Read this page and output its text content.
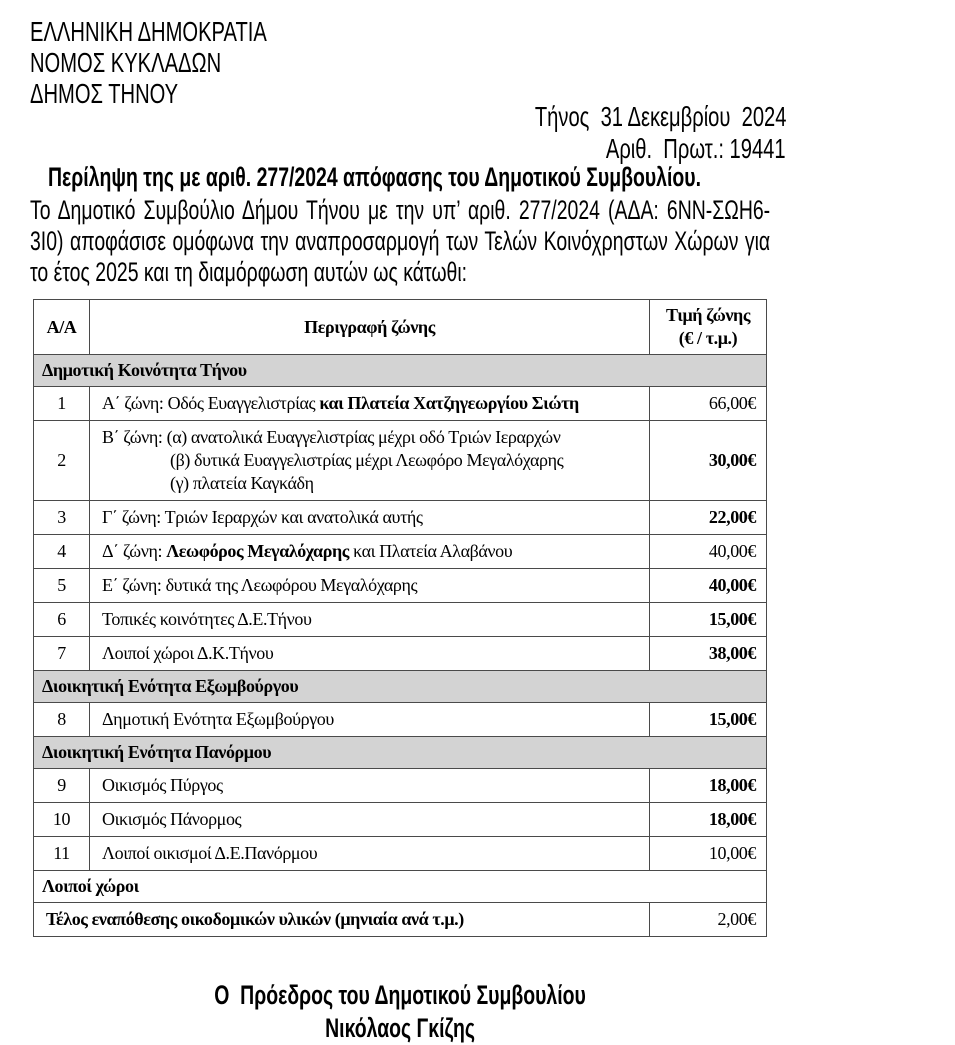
ΕΛΛΗΝΙΚΗ ΔΗΜΟΚΡΑΤΙΑ
ΝΟΜΟΣ ΚΥΚΛΑΔΩΝ
ΔΗΜΟΣ ΤΗΝΟΥ
Τήνος  31 Δεκεμβρίου  2024
Αριθ.  Πρωτ.: 19441
Περίληψη της με αριθ. 277/2024 απόφασης του Δημοτικού Συμβουλίου.
Το Δημοτικό Συμβούλιο Δήμου Τήνου με την υπ’ αριθ. 277/2024 (ΑΔΑ: 6NN-ΣΩΗ6-3Ι0) αποφάσισε ομόφωνα την αναπροσαρμογή των Τελών Κοινόχρηστων Χώρων για το έτος 2025 και τη διαμόρφωση αυτών ως κάτωθι:
Α/Α	Περιγραφή ζώνης	Τιμή ζώνης
(€ / τ.μ.)

Δημοτική Κοινότητα Τήνου		
1	Α΄ ζώνη: Οδός Ευαγγελιστρίας και Πλατεία Χατζηγεωργίου Σιώτη	66,00€
2	Β΄ ζώνη: (α) ανατολικά Ευαγγελιστρίας μέχρι οδό Τριών Ιεραρχών
(β) δυτικά Ευαγγελιστρίας μέχρι Λεωφόρο Μεγαλόχαρης
(γ) πλατεία Καγκάδη	30,00€
3	Γ΄ ζώνη: Τριών Ιεραρχών και ανατολικά αυτής	22,00€
4	Δ΄ ζώνη: Λεωφόρος Μεγαλόχαρης και Πλατεία Αλαβάνου	40,00€
5	Ε΄ ζώνη: δυτικά της Λεωφόρου Μεγαλόχαρης	40,00€
6	Τοπικές κοινότητες Δ.Ε.Τήνου	15,00€
7	Λοιποί χώροι Δ.Κ.Τήνου	38,00€
Διοικητική Ενότητα Εξωμβούργου		
8	Δημοτική Ενότητα Εξωμβούργου	15,00€
Διοικητική Ενότητα Πανόρμου		
9	Οικισμός Πύργος	18,00€
10	Οικισμός Πάνορμος	18,00€
11	Λοιποί οικισμοί Δ.Ε.Πανόρμου	10,00€
Λοιποί χώροι		

Τέλος εναπόθεσης οικοδομικών υλικών (μηνιαία ανά τ.μ.)		2,00€
Ο  Πρόεδρος του Δημοτικού Συμβουλίου
Νικόλαος Γκίζης
